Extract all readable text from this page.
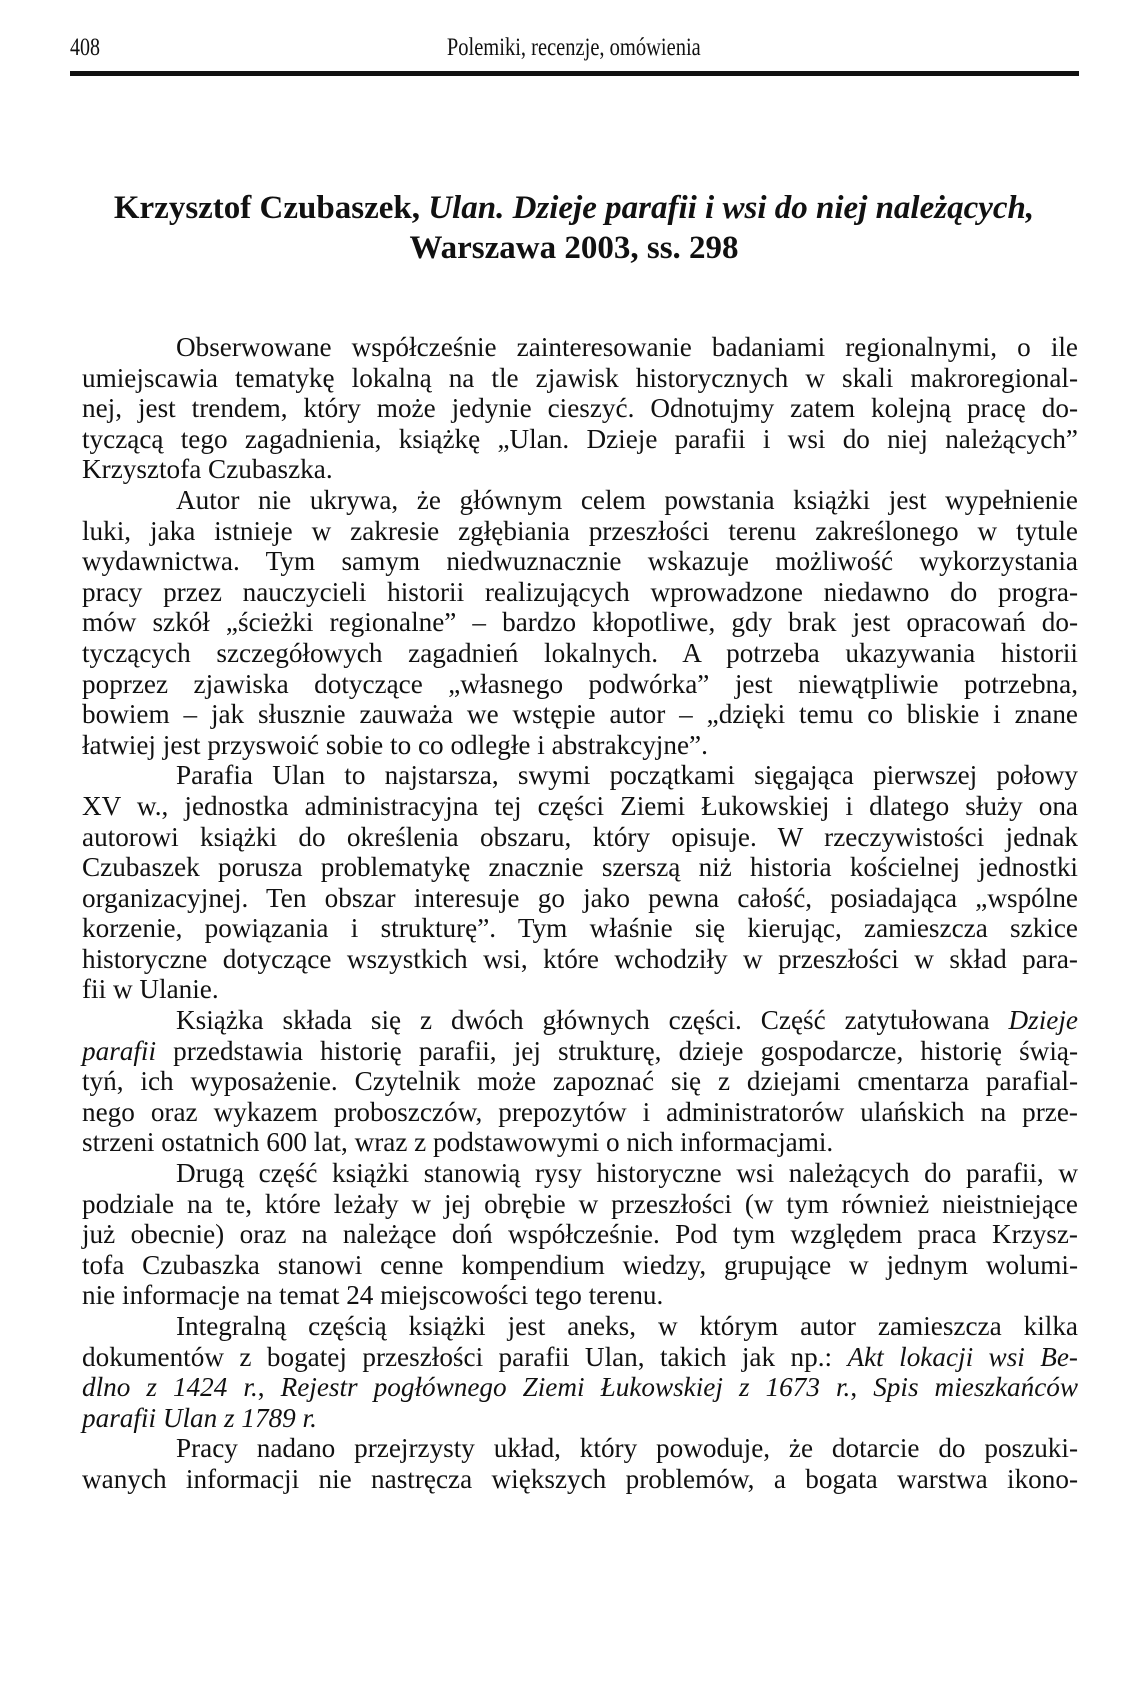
408	Polemiki, recenzje, omówienia
Krzysztof Czubaszek, Ulan. Dzieje parafii i wsi do niej należących,
Warszawa 2003, ss. 298
Obserwowane współcześnie zainteresowanie badaniami regionalnymi, o ile
umiejscawia tematykę lokalną na tle zjawisk historycznych w skali makroregional-
nej, jest trendem, który może jedynie cieszyć. Odnotujmy zatem kolejną pracę do-
tyczącą tego zagadnienia, książkę „Ulan. Dzieje parafii i wsi do niej należących”
Krzysztofa Czubaszka.
Autor nie ukrywa, że głównym celem powstania książki jest wypełnienie
luki, jaka istnieje w zakresie zgłębiania przeszłości terenu zakreślonego w tytule
wydawnictwa. Tym samym niedwuznacznie wskazuje możliwość wykorzystania
pracy przez nauczycieli historii realizujących wprowadzone niedawno do progra-
mów szkół „ścieżki regionalne” – bardzo kłopotliwe, gdy brak jest opracowań do-
tyczących szczegółowych zagadnień lokalnych. A potrzeba ukazywania historii
poprzez zjawiska dotyczące „własnego podwórka” jest niewątpliwie potrzebna,
bowiem – jak słusznie zauważa we wstępie autor – „dzięki temu co bliskie i znane
łatwiej jest przyswoić sobie to co odległe i abstrakcyjne”.
Parafia Ulan to najstarsza, swymi początkami sięgająca pierwszej połowy
XV w., jednostka administracyjna tej części Ziemi Łukowskiej i dlatego służy ona
autorowi książki do określenia obszaru, który opisuje. W rzeczywistości jednak
Czubaszek porusza problematykę znacznie szerszą niż historia kościelnej jednostki
organizacyjnej. Ten obszar interesuje go jako pewna całość, posiadająca „wspólne
korzenie, powiązania i strukturę”. Tym właśnie się kierując, zamieszcza szkice
historyczne dotyczące wszystkich wsi, które wchodziły w przeszłości w skład para-
fii w Ulanie.
Książka składa się z dwóch głównych części. Część zatytułowana Dzieje
parafii przedstawia historię parafii, jej strukturę, dzieje gospodarcze, historię świą-
tyń, ich wyposażenie. Czytelnik może zapoznać się z dziejami cmentarza parafial-
nego oraz wykazem proboszczów, prepozytów i administratorów ulańskich na prze-
strzeni ostatnich 600 lat, wraz z podstawowymi o nich informacjami.
Drugą część książki stanowią rysy historyczne wsi należących do parafii, w
podziale na te, które leżały w jej obrębie w przeszłości (w tym również nieistniejące
już obecnie) oraz na należące doń współcześnie. Pod tym względem praca Krzysz-
tofa Czubaszka stanowi cenne kompendium wiedzy, grupujące w jednym wolumi-
nie informacje na temat 24 miejscowości tego terenu.
Integralną częścią książki jest aneks, w którym autor zamieszcza kilka
dokumentów z bogatej przeszłości parafii Ulan, takich jak np.: Akt lokacji wsi Be-
dlno z 1424 r., Rejestr pogłównego Ziemi Łukowskiej z 1673 r., Spis mieszkańców
parafii Ulan z 1789 r.
Pracy nadano przejrzysty układ, który powoduje, że dotarcie do poszuki-
wanych informacji nie nastręcza większych problemów, a bogata warstwa ikono-
